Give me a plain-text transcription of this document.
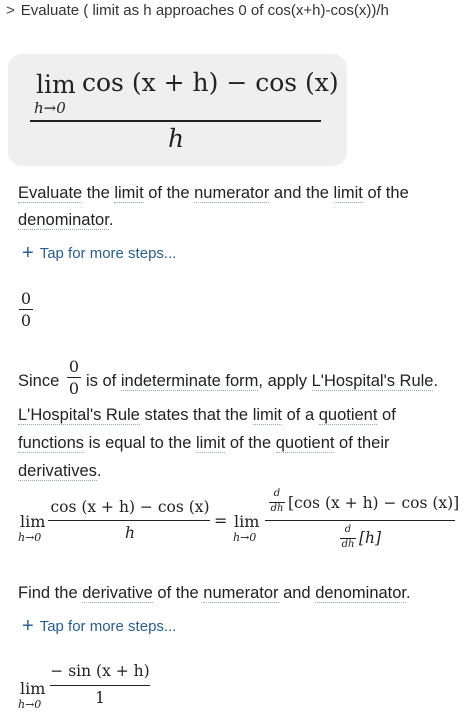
> Evaluate ( limit as h approaches 0 of cos(x+h)-cos(x))/h
lim
h→0
cos (x + h) − cos (x)
h
Evaluate the limit of the numerator and the limit of the
denominator.
+ Tap for more steps...
0
0
Since
0
0 is of indeterminate form, apply L'Hospital's Rule.
L'Hospital's Rule states that the limit of a quotient of
functions is equal to the limit of the quotient of their
derivatives.
lim
h→0
cos (x + h) − cos (x)
h
= lim
h→0
d
dh [cos (x + h) − cos (x)]
d
dh [h]
Find the derivative of the numerator and denominator.
+ Tap for more steps...
lim
h→0
− sin (x + h)
1
